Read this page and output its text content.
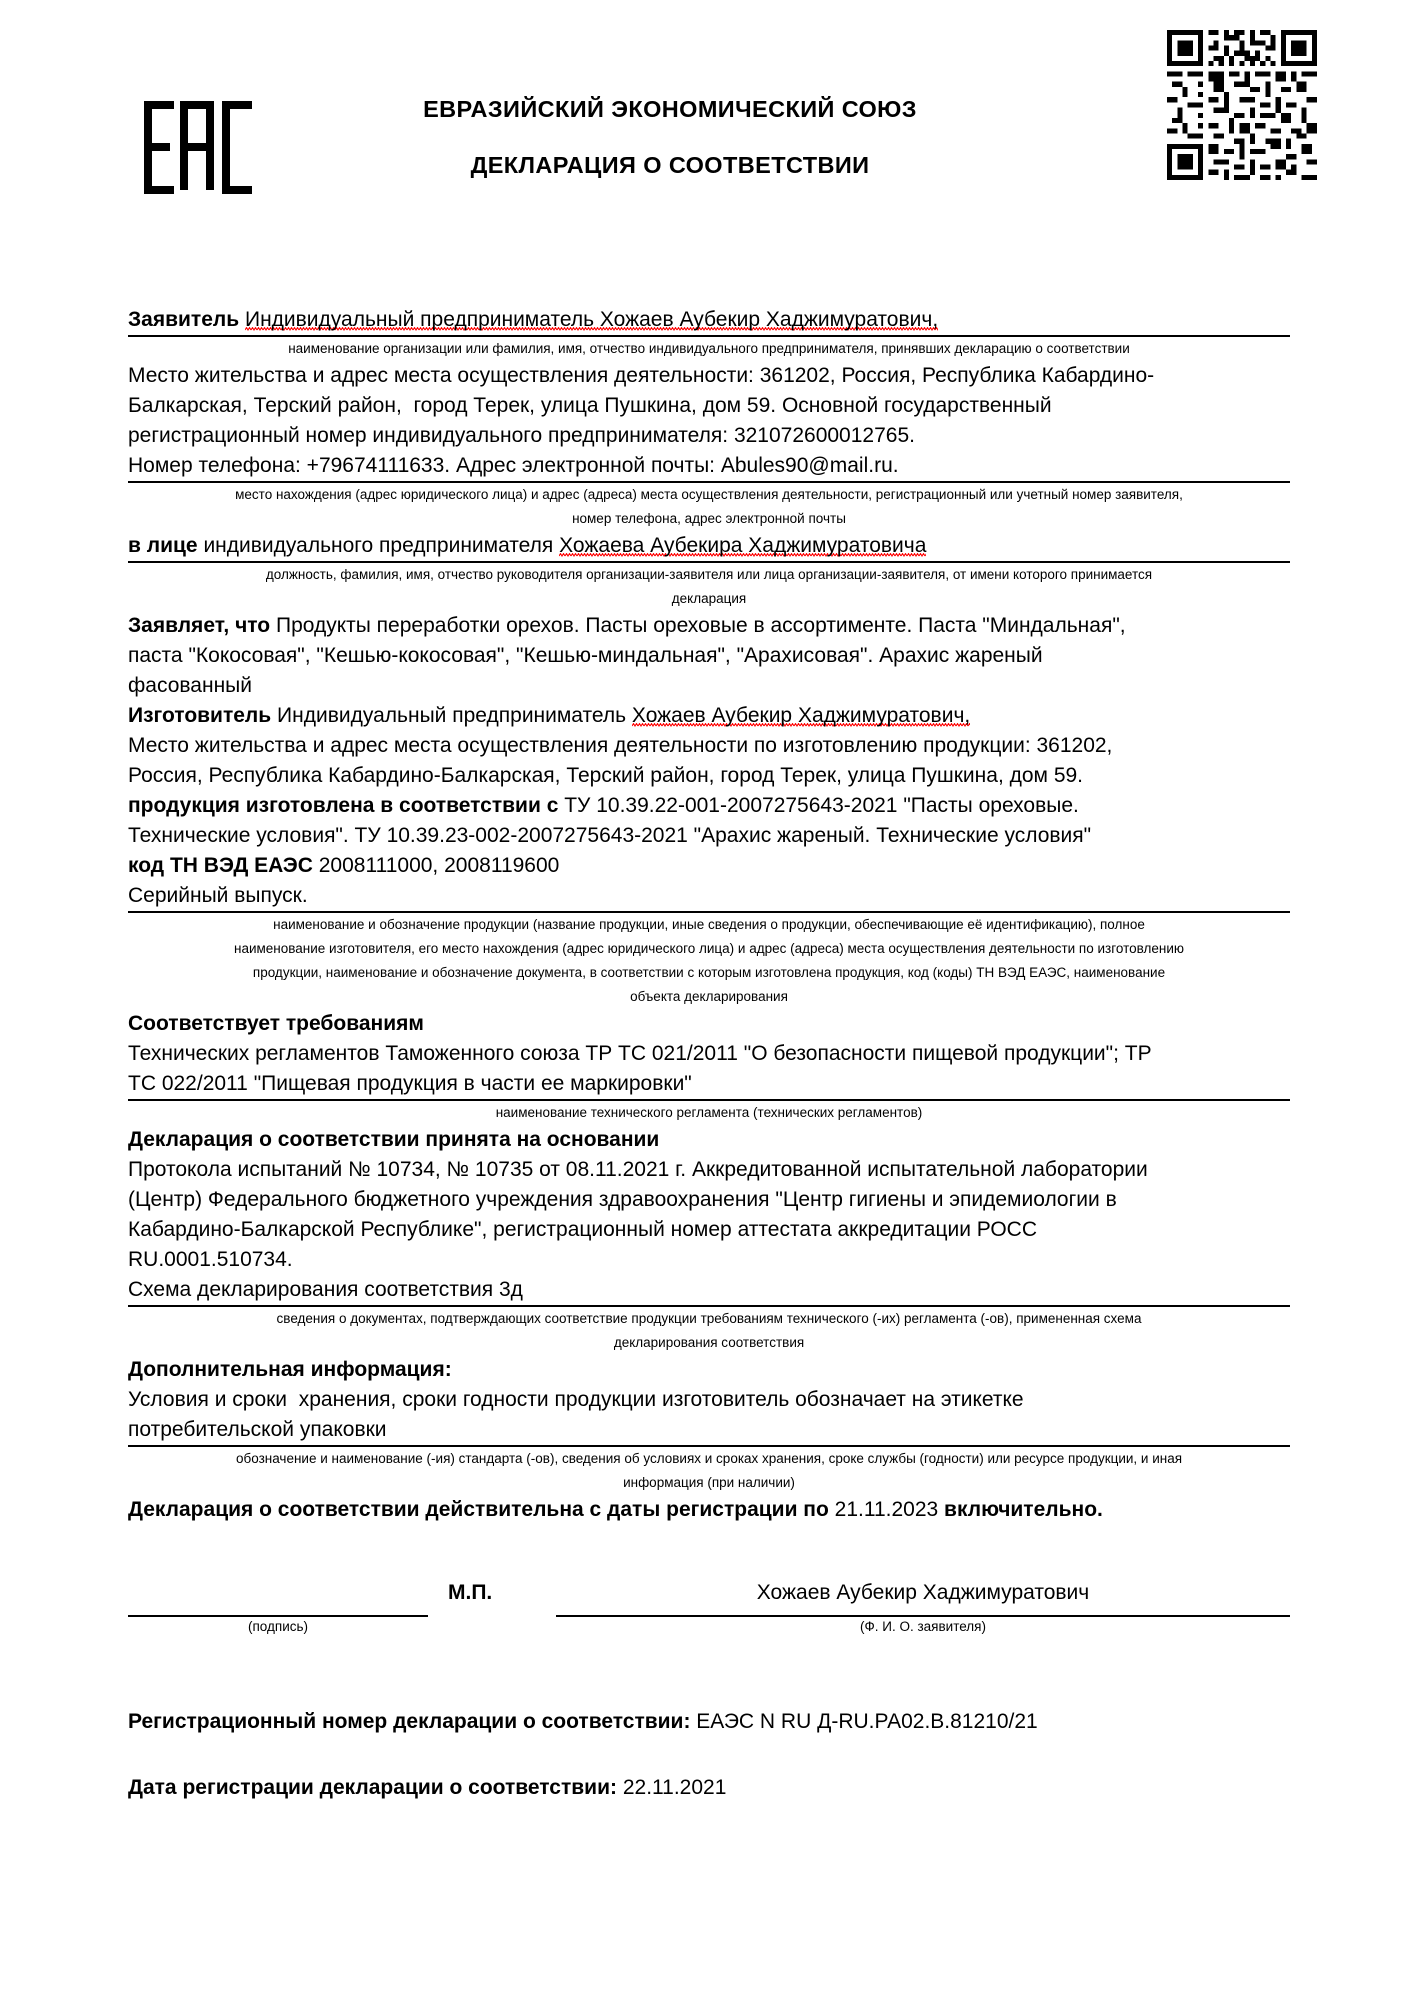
ЕВРАЗИЙСКИЙ ЭКОНОМИЧЕСКИЙ СОЮЗ
ДЕКЛАРАЦИЯ О СООТВЕТСТВИИ
Заявитель Индивидуальный предприниматель Хожаев Аубекир Хаджимуратович,
наименование организации или фамилия, имя, отчество индивидуального предпринимателя, принявших декларацию о соответствии
Место жительства и адрес места осуществления деятельности: 361202, Россия, Республика Кабардино-
Балкарская, Терский район,  город Терек, улица Пушкина, дом 59. Основной государственный
регистрационный номер индивидуального предпринимателя: 321072600012765.
Номер телефона: +79674111633. Адрес электронной почты: Abules90@mail.ru.
место нахождения (адрес юридического лица) и адрес (адреса) места осуществления деятельности, регистрационный или учетный номер заявителя,
номер телефона, адрес электронной почты
в лице индивидуального предпринимателя Хожаева Аубекира Хаджимуратовича
должность, фамилия, имя, отчество руководителя организации-заявителя или лица организации-заявителя, от имени которого принимается
декларация
Заявляет, что Продукты переработки орехов. Пасты ореховые в ассортименте. Паста "Миндальная",
паста "Кокосовая", "Кешью-кокосовая", "Кешью-миндальная", "Арахисовая". Арахис жареный
фасованный
Изготовитель Индивидуальный предприниматель Хожаев Аубекир Хаджимуратович,
Место жительства и адрес места осуществления деятельности по изготовлению продукции: 361202,
Россия, Республика Кабардино-Балкарская, Терский район, город Терек, улица Пушкина, дом 59.
продукция изготовлена в соответствии с ТУ 10.39.22-001-2007275643-2021 "Пасты ореховые.
Технические условия". ТУ 10.39.23-002-2007275643-2021 "Арахис жареный. Технические условия"
код ТН ВЭД ЕАЭС 2008111000, 2008119600
Серийный выпуск.
наименование и обозначение продукции (название продукции, иные сведения о продукции, обеспечивающие её идентификацию), полное
наименование изготовителя, его место нахождения (адрес юридического лица) и адрес (адреса) места осуществления деятельности по изготовлению
продукции, наименование и обозначение документа, в соответствии с которым изготовлена продукция, код (коды) ТН ВЭД ЕАЭС, наименование
объекта декларирования
Соответствует требованиям
Технических регламентов Таможенного союза ТР ТС 021/2011 "О безопасности пищевой продукции"; ТР
ТС 022/2011 "Пищевая продукция в части ее маркировки"
наименование технического регламента (технических регламентов)
Декларация о соответствии принята на основании
Протокола испытаний № 10734, № 10735 от 08.11.2021 г. Аккредитованной испытательной лаборатории
(Центр) Федерального бюджетного учреждения здравоохранения "Центр гигиены и эпидемиологии в
Кабардино-Балкарской Республике", регистрационный номер аттестата аккредитации РОСС
RU.0001.510734.
Схема декларирования соответствия 3д
сведения о документах, подтверждающих соответствие продукции требованиям технического (-их) регламента (-ов), примененная схема
декларирования соответствия
Дополнительная информация:
Условия и сроки  хранения, сроки годности продукции изготовитель обозначает на этикетке
потребительской упаковки
обозначение и наименование (-ия) стандарта (-ов), сведения об условиях и сроках хранения, сроке службы (годности) или ресурсе продукции, и иная
информация (при наличии)
Декларация о соответствии действительна с даты регистрации по 21.11.2023 включительно.
М.П.	Хожаев Аубекир Хаджимуратович
(подпись)	(Ф. И. О. заявителя)
Регистрационный номер декларации о соответствии: ЕАЭС N RU Д-RU.РА02.В.81210/21
Дата регистрации декларации о соответствии: 22.11.2021
